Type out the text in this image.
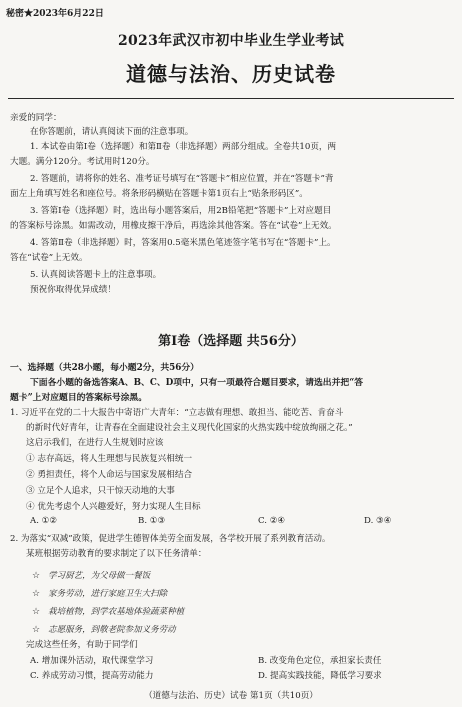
秘密★2023年6月22日
2023年武汉市初中毕业生学业考试
道德与法治、历史试卷
亲爱的同学：
在你答题前，请认真阅读下面的注意事项。
1. 本试卷由第Ⅰ卷（选择题）和第Ⅱ卷（非选择题）两部分组成。全卷共10页，两
大题。满分120分。考试用时120分。
2. 答题前，请将你的姓名、准考证号填写在“答题卡”相应位置，并在“答题卡”背
面左上角填写姓名和座位号。将条形码横贴在答题卡第1页右上“贴条形码区”。
3. 答第Ⅰ卷（选择题）时，选出每小题答案后，用2B铅笔把“答题卡”上对应题目
的答案标号涂黑。如需改动，用橡皮擦干净后，再选涂其他答案。答在“试卷”上无效。
4. 答第Ⅱ卷（非选择题）时，答案用0.5毫米黑色笔迹签字笔书写在“答题卡”上。
答在“试卷”上无效。
5. 认真阅读答题卡上的注意事项。
预祝你取得优异成绩！
第Ⅰ卷（选择题 共56分）
一、选择题（共28小题，每小题2分，共56分）
下面各小题的备选答案A、B、C、D项中，只有一项最符合题目要求，请选出并把“答
题卡”上对应题目的答案标号涂黑。
1. 习近平在党的二十大报告中寄语广大青年：“立志做有理想、敢担当、能吃苦、肯奋斗
的新时代好青年，让青春在全面建设社会主义现代化国家的火热实践中绽放绚丽之花。”
这启示我们，在进行人生规划时应该
① 志存高远，将人生理想与民族复兴相统一
② 勇担责任，将个人命运与国家发展相结合
③ 立足个人追求，只干惊天动地的大事
④ 优先考虑个人兴趣爱好，努力实现人生目标
A. ①②	B. ①③	C. ②④	D. ③④
2. 为落实“双减”政策，促进学生德智体美劳全面发展，各学校开展了系列教育活动。
某班根据劳动教育的要求制定了以下任务清单：
☆ 学习厨艺，为父母做一餐饭
☆ 家务劳动，进行家庭卫生大扫除
☆ 栽培植物，到学农基地体验蔬菜种植
☆ 志愿服务，到敬老院参加义务劳动
完成这些任务，有助于同学们
A. 增加课外活动，取代课堂学习	B. 改变角色定位，承担家长责任
C. 养成劳动习惯，提高劳动能力	D. 提高实践技能，降低学习要求
（道德与法治、历史）试卷 第1页（共10页）
